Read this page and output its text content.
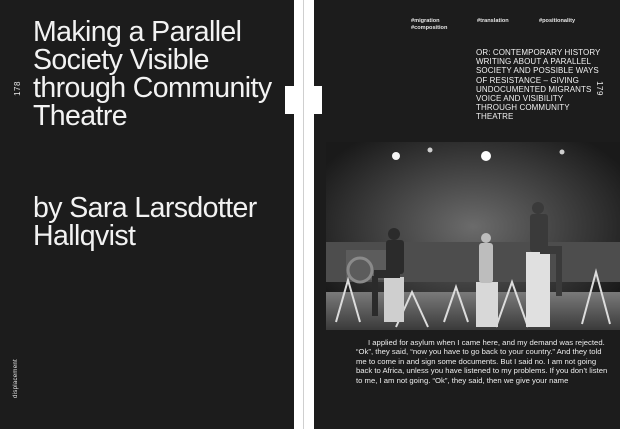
Making a Parallel Society Visible through Community Theatre
by Sara Larsdotter Hallqvist
178
displacement
179
#migration
#composition
#translation	#positionality
OR: CONTEMPORARY HISTORY WRITING ABOUT A PARALLEL SOCIETY AND POSSIBLE WAYS OF RESISTANCE – GIVING UNDOCUMENTED MIGRANTS VOICE AND VISIBILITY THROUGH COMMUNITY THEATRE

I applied for asylum when I came here, and my demand was rejected. “Ok”, they said, “now you have to go back to your country.” And they told me to come in and sign some documents. But I said no. I am not going back to Africa, unless you have listened to my problems. If you don’t listen to me, I am not going. “Ok”, they said, then we give your name
